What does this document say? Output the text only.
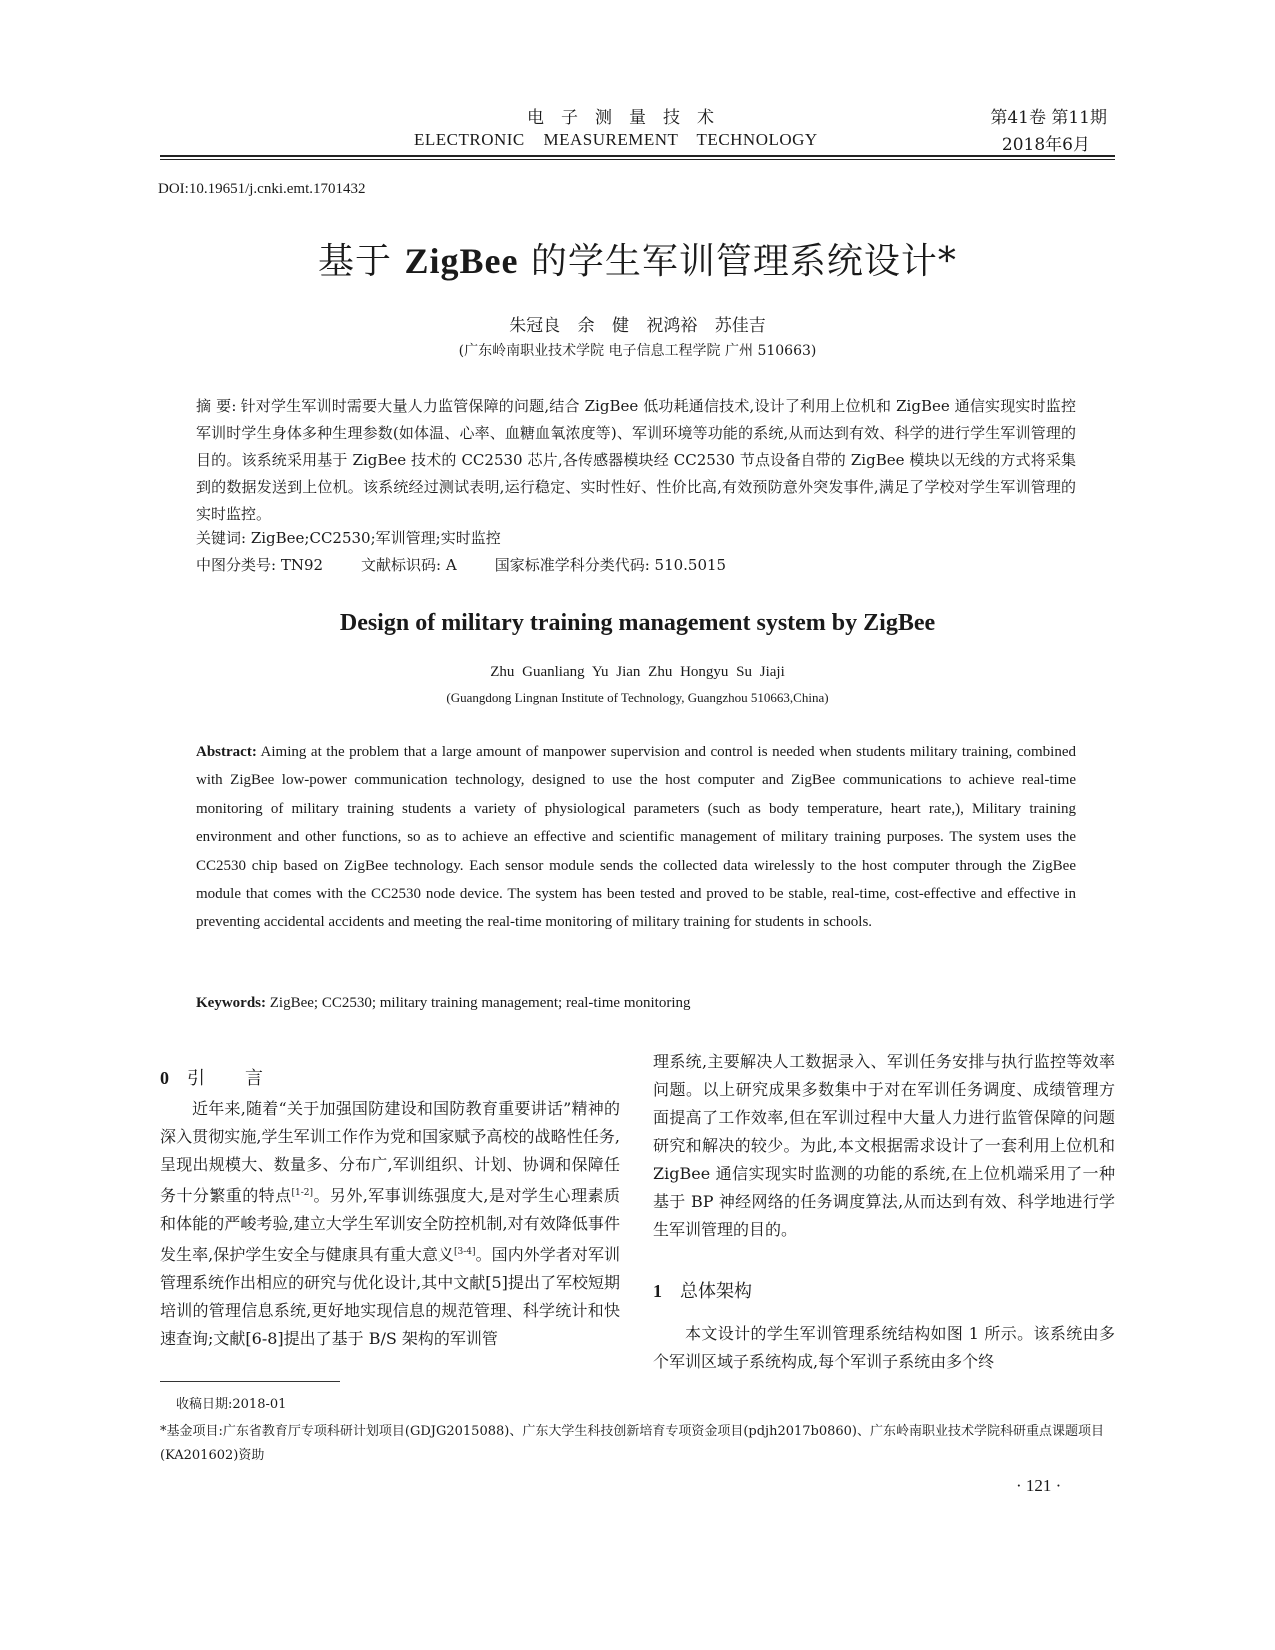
电子测量技术
ELECTRONIC MEASUREMENT TECHNOLOGY
第41卷 第11期
2018年6月
DOI:10.19651/j.cnki.emt.1701432
基于 ZigBee 的学生军训管理系统设计*
朱冠良 余 健 祝鸿裕 苏佳吉
(广东岭南职业技术学院 电子信息工程学院 广州 510663)
摘 要: 针对学生军训时需要大量人力监管保障的问题,结合 ZigBee 低功耗通信技术,设计了利用上位机和 ZigBee 通信实现实时监控军训时学生身体多种生理参数(如体温、心率、血糖血氧浓度等)、军训环境等功能的系统,从而达到有效、科学的进行学生军训管理的目的。该系统采用基于 ZigBee 技术的 CC2530 芯片,各传感器模块经 CC2530 节点设备自带的 ZigBee 模块以无线的方式将采集到的数据发送到上位机。该系统经过测试表明,运行稳定、实时性好、性价比高,有效预防意外突发事件,满足了学校对学生军训管理的实时监控。
关键词: ZigBee;CC2530;军训管理;实时监控
中图分类号: TN92	文献标识码: A	国家标准学科分类代码: 510.5015
Design of military training management system by ZigBee
Zhu Guanliang Yu Jian Zhu Hongyu Su Jiaji
(Guangdong Lingnan Institute of Technology, Guangzhou 510663,China)
Abstract: Aiming at the problem that a large amount of manpower supervision and control is needed when students military training, combined with ZigBee low-power communication technology, designed to use the host computer and ZigBee communications to achieve real-time monitoring of military training students a variety of physiological parameters (such as body temperature, heart rate,), Military training environment and other functions, so as to achieve an effective and scientific management of military training purposes. The system uses the CC2530 chip based on ZigBee technology. Each sensor module sends the collected data wirelessly to the host computer through the ZigBee module that comes with the CC2530 node device. The system has been tested and proved to be stable, real-time, cost-effective and effective in preventing accidental accidents and meeting the real-time monitoring of military training for students in schools.
Keywords: ZigBee; CC2530; military training management; real-time monitoring
0 引言

近年来,随着“关于加强国防建设和国防教育重要讲话”精神的深入贯彻实施,学生军训工作作为党和国家赋予高校的战略性任务,呈现出规模大、数量多、分布广,军训组织、计划、协调和保障任务十分繁重的特点[1-2]。另外,军事训练强度大,是对学生心理素质和体能的严峻考验,建立大学生军训安全防控机制,对有效降低事件发生率,保护学生安全与健康具有重大意义[3-4]。国内外学者对军训管理系统作出相应的研究与优化设计,其中文献[5]提出了军校短期培训的管理信息系统,更好地实现信息的规范管理、科学统计和快速查询;文献[6-8]提出了基于 B/S 架构的军训管

理系统,主要解决人工数据录入、军训任务安排与执行监控等效率问题。以上研究成果多数集中于对在军训任务调度、成绩管理方面提高了工作效率,但在军训过程中大量人力进行监管保障的问题研究和解决的较少。为此,本文根据需求设计了一套利用上位机和 ZigBee 通信实现实时监测的功能的系统,在上位机端采用了一种基于 BP 神经网络的任务调度算法,从而达到有效、科学地进行学生军训管理的目的。
1 总体架构

本文设计的学生军训管理系统结构如图 1 所示。该系统由多个军训区域子系统构成,每个军训子系统由多个终

收稿日期:2018-01
*基金项目:广东省教育厅专项科研计划项目(GDJG2015088)、广东大学生科技创新培育专项资金项目(pdjh2017b0860)、广东岭南职业技术学院科研重点课题项目(KA201602)资助
· 121 ·
